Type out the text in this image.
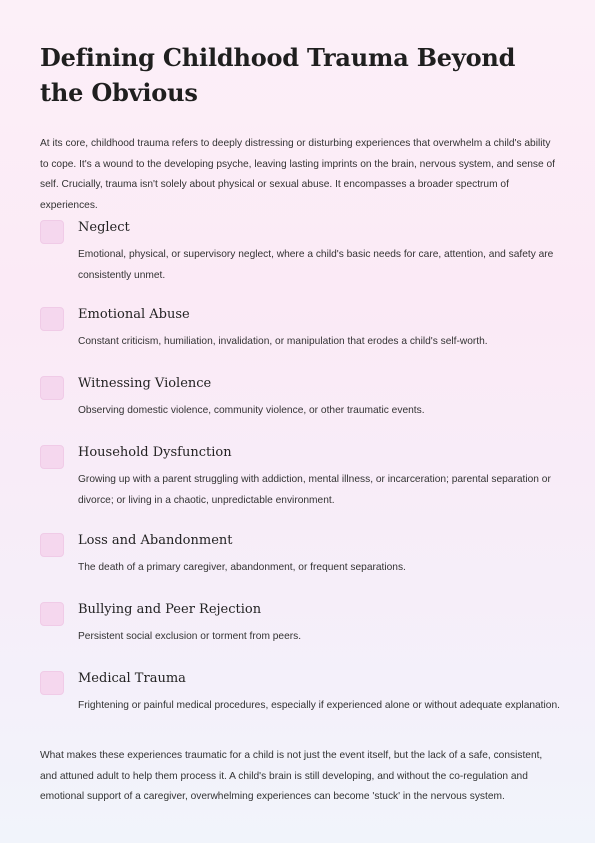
Defining Childhood Trauma Beyond the Obvious

At its core, childhood trauma refers to deeply distressing or disturbing experiences that overwhelm a child's ability to cope. It's a wound to the developing psyche, leaving lasting imprints on the brain, nervous system, and sense of self. Crucially, trauma isn't solely about physical or sexual abuse. It encompasses a broader spectrum of experiences.

Neglect
Emotional, physical, or supervisory neglect, where a child's basic needs for care, attention, and safety are consistently unmet.
Emotional Abuse
Constant criticism, humiliation, invalidation, or manipulation that erodes a child's self-worth.
Witnessing Violence
Observing domestic violence, community violence, or other traumatic events.
Household Dysfunction
Growing up with a parent struggling with addiction, mental illness, or incarceration; parental separation or divorce; or living in a chaotic, unpredictable environment.
Loss and Abandonment
The death of a primary caregiver, abandonment, or frequent separations.
Bullying and Peer Rejection
Persistent social exclusion or torment from peers.
Medical Trauma
Frightening or painful medical procedures, especially if experienced alone or without adequate explanation.

What makes these experiences traumatic for a child is not just the event itself, but the lack of a safe, consistent, and attuned adult to help them process it. A child's brain is still developing, and without the co-regulation and emotional support of a caregiver, overwhelming experiences can become 'stuck' in the nervous system.
